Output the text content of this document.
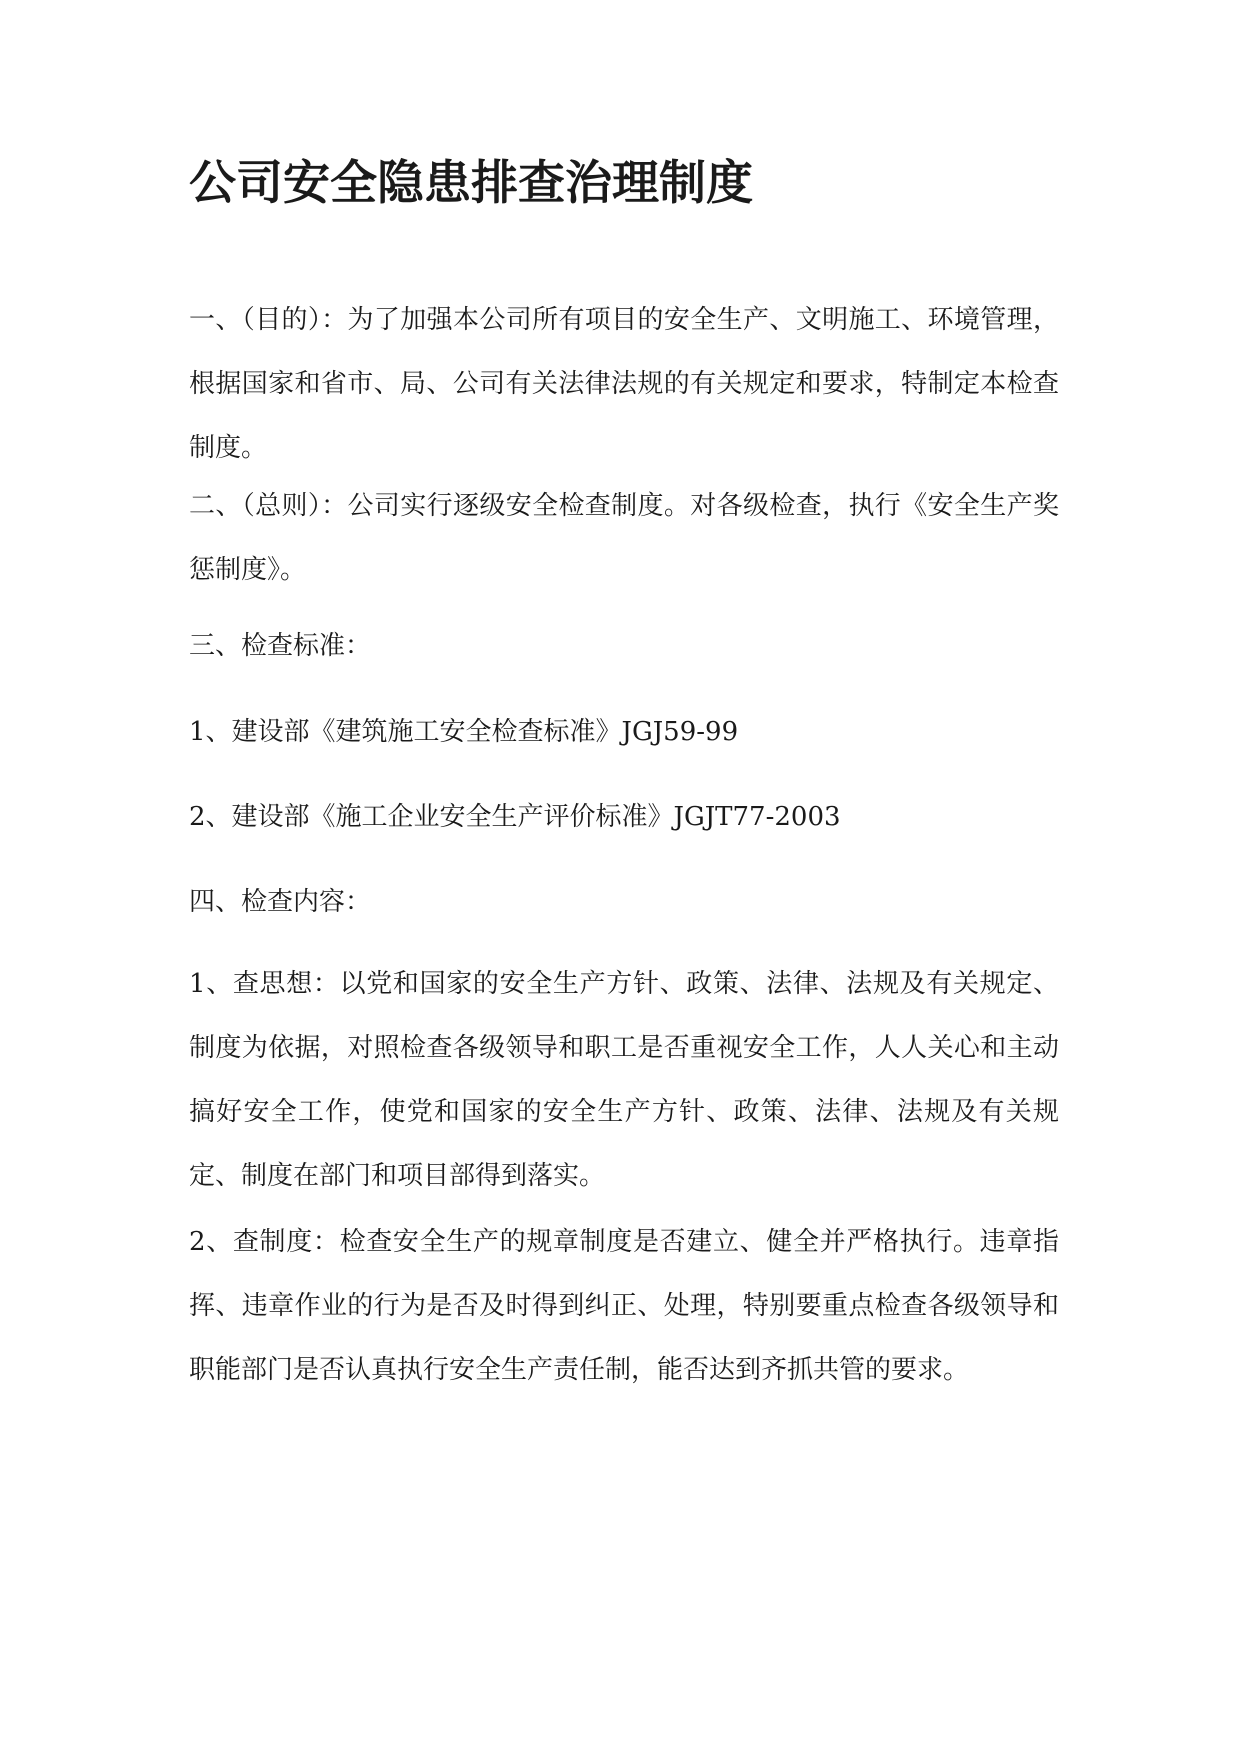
公司安全隐患排查治理制度

一、（目的）：为了加强本公司所有项目的安全生产、文明施工、环境管理，根据国家和省市、局、公司有关法律法规的有关规定和要求，特制定本检查制度。

二、（总则）：公司实行逐级安全检查制度。对各级检查，执行《安全生产奖惩制度》。

三、检查标准：

1、建设部《建筑施工安全检查标准》JGJ59-99

2、建设部《施工企业安全生产评价标准》JGJT77-2003

四、检查内容：

1、查思想：以党和国家的安全生产方针、政策、法律、法规及有关规定、制度为依据，对照检查各级领导和职工是否重视安全工作，人人关心和主动搞好安全工作，使党和国家的安全生产方针、政策、法律、法规及有关规定、制度在部门和项目部得到落实。

2、查制度：检查安全生产的规章制度是否建立、健全并严格执行。违章指挥、违章作业的行为是否及时得到纠正、处理，特别要重点检查各级领导和职能部门是否认真执行安全生产责任制，能否达到齐抓共管的要求。
